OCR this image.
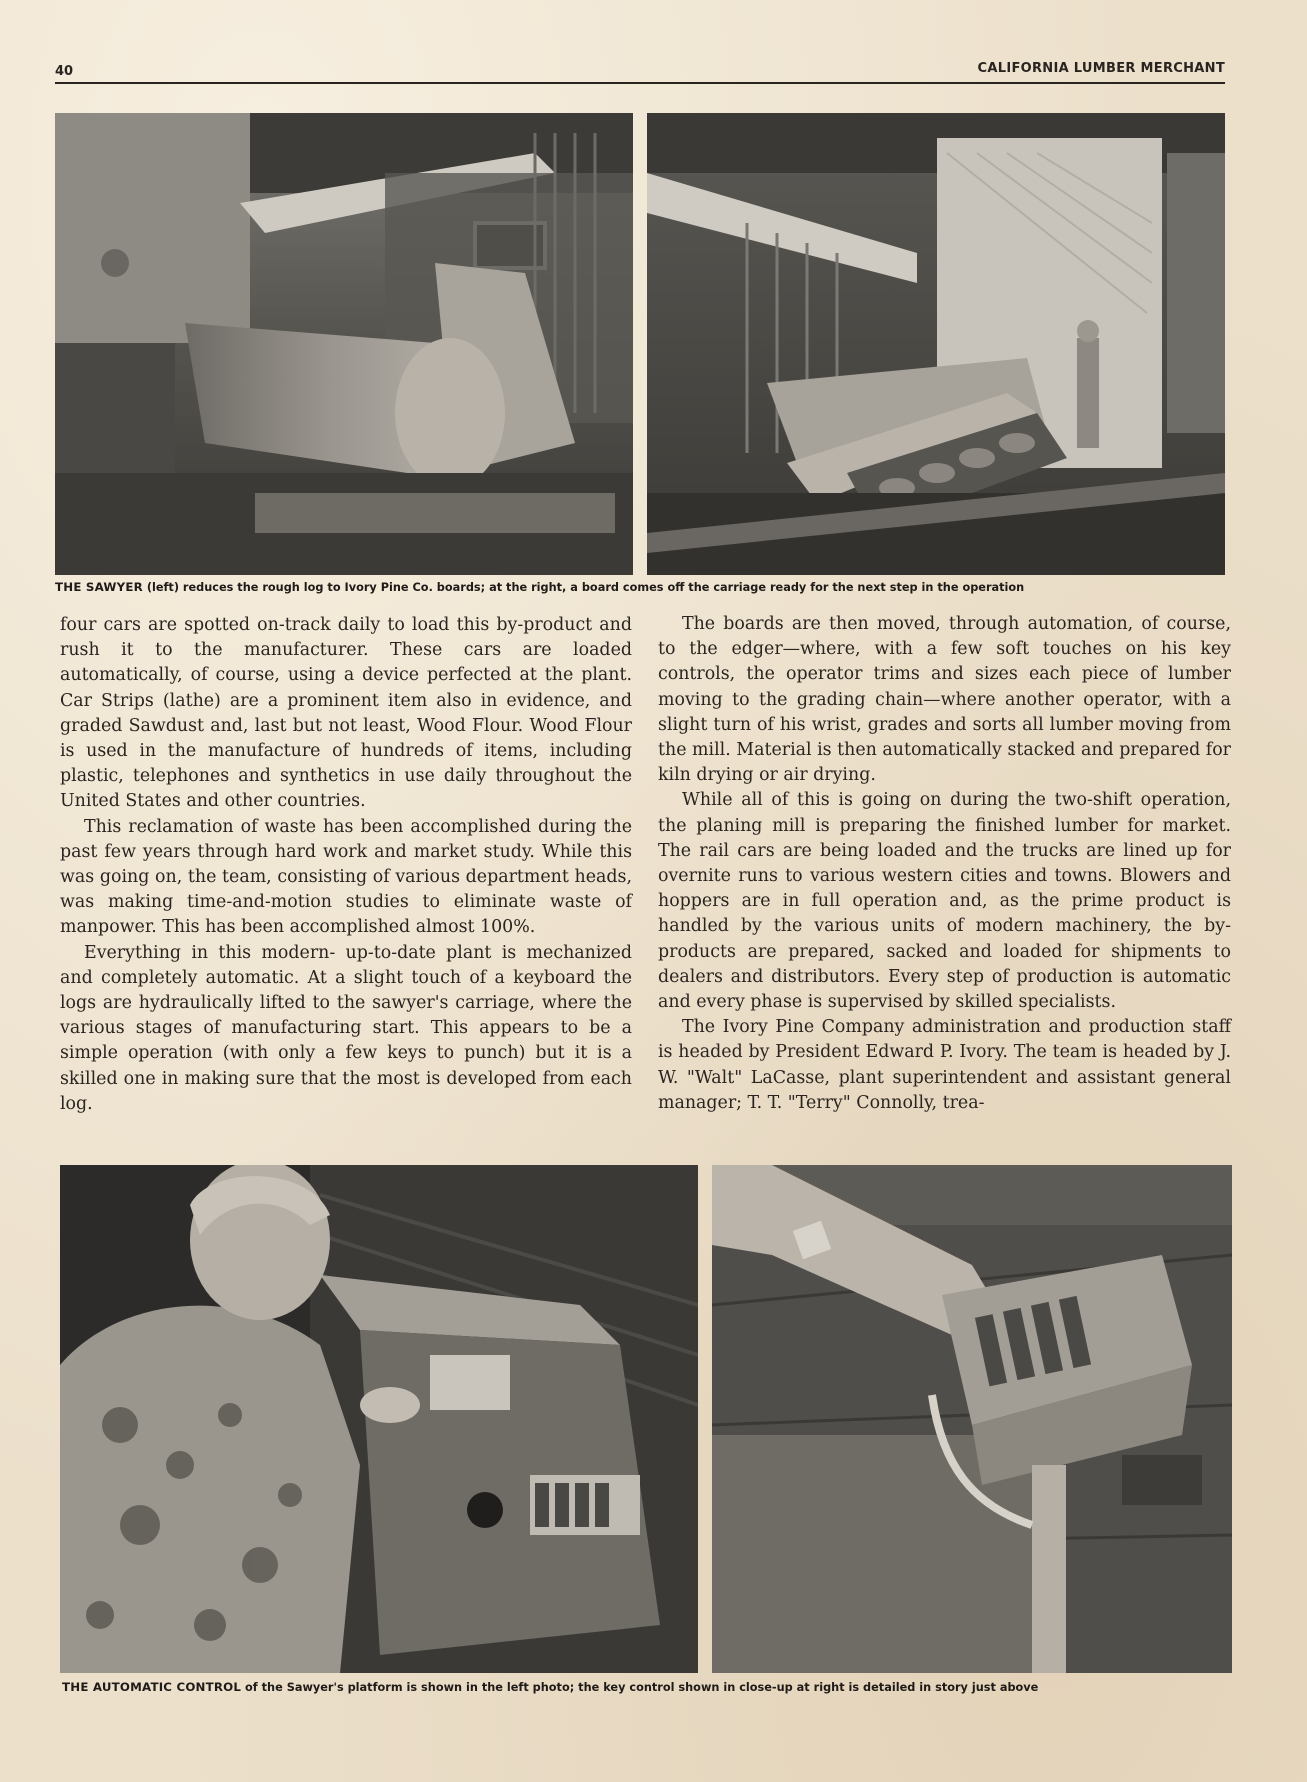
40	CALIFORNIA LUMBER MERCHANT
THE SAWYER (left) reduces the rough log to Ivory Pine Co. boards; at the right, a board comes off the carriage ready for the next step in the operation

four cars are spotted on-track daily to load this by-product and rush it to the manufacturer. These cars are loaded automatically, of course, using a device perfected at the plant. Car Strips (lathe) are a prominent item also in evidence, and graded Sawdust and, last but not least, Wood Flour. Wood Flour is used in the manufacture of hundreds of items, including plastic, telephones and synthetics in use daily throughout the United States and other countries.

This reclamation of waste has been accomplished during the past few years through hard work and market study. While this was going on, the team, consisting of various department heads, was making time-and-motion studies to eliminate waste of manpower. This has been accomplished almost 100%.

Everything in this modern- up-to-date plant is mechanized and completely automatic. At a slight touch of a keyboard the logs are hydraulically lifted to the sawyer's carriage, where the various stages of manufacturing start. This appears to be a simple operation (with only a few keys to punch) but it is a skilled one in making sure that the most is developed from each log.

The boards are then moved, through automation, of course, to the edger—where, with a few soft touches on his key controls, the operator trims and sizes each piece of lumber moving to the grading chain—where another operator, with a slight turn of his wrist, grades and sorts all lumber moving from the mill. Material is then automatically stacked and prepared for kiln drying or air drying.

While all of this is going on during the two-shift operation, the planing mill is preparing the finished lumber for market. The rail cars are being loaded and the trucks are lined up for overnite runs to various western cities and towns. Blowers and hoppers are in full operation and, as the prime product is handled by the various units of modern machinery, the by-products are prepared, sacked and loaded for shipments to dealers and distributors. Every step of production is automatic and every phase is supervised by skilled specialists.

The Ivory Pine Company administration and production staff is headed by President Edward P. Ivory. The team is headed by J. W. "Walt" LaCasse, plant superintendent and assistant general manager; T. T. "Terry" Connolly, trea-

THE AUTOMATIC CONTROL of the Sawyer's platform is shown in the left photo; the key control shown in close-up at right is detailed in story just above
